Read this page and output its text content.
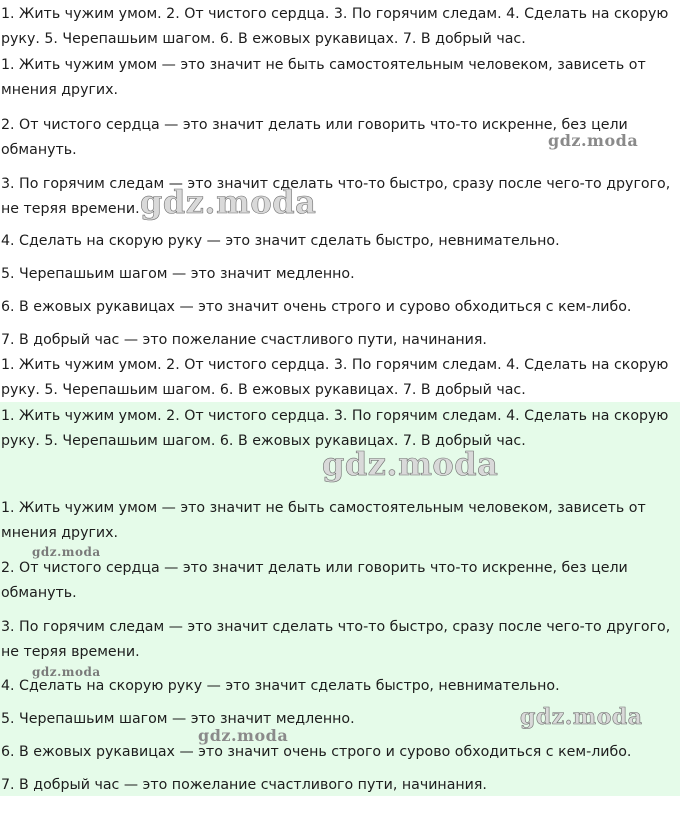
1. Жить чужим умом. 2. От чистого сердца. 3. По горячим следам. 4. Сделать на скорую руку. 5. Черепашьим шагом. 6. В ежовых рукавицах. 7. В добрый час.

1. Жить чужим умом — это значит не быть самостоятельным человеком, зависеть от мнения других.

2. От чистого сердца — это значит делать или говорить что-то искренне, без цели обмануть.

3. По горячим следам — это значит сделать что-то быстро, сразу после чего-то другого, не теряя времени.

4. Сделать на скорую руку — это значит сделать быстро, невнимательно.

5. Черепашьим шагом — это значит медленно.

6. В ежовых рукавицах — это значит очень строго и сурово обходиться с кем-либо.

7. В добрый час — это пожелание счастливого пути, начинания.

1. Жить чужим умом. 2. От чистого сердца. 3. По горячим следам. 4. Сделать на скорую руку. 5. Черепашьим шагом. 6. В ежовых рукавицах. 7. В добрый час.

1. Жить чужим умом. 2. От чистого сердца. 3. По горячим следам. 4. Сделать на скорую руку. 5. Черепашьим шагом. 6. В ежовых рукавицах. 7. В добрый час.

1. Жить чужим умом — это значит не быть самостоятельным человеком, зависеть от мнения других.

2. От чистого сердца — это значит делать или говорить что-то искренне, без цели обмануть.

3. По горячим следам — это значит сделать что-то быстро, сразу после чего-то другого, не теряя времени.

4. Сделать на скорую руку — это значит сделать быстро, невнимательно.

5. Черепашьим шагом — это значит медленно.

6. В ежовых рукавицах — это значит очень строго и сурово обходиться с кем-либо.

7. В добрый час — это пожелание счастливого пути, начинания.

gdz.moda
gdz.moda
gdz.moda
gdz.moda
gdz.moda
gdz.moda
gdz.moda
